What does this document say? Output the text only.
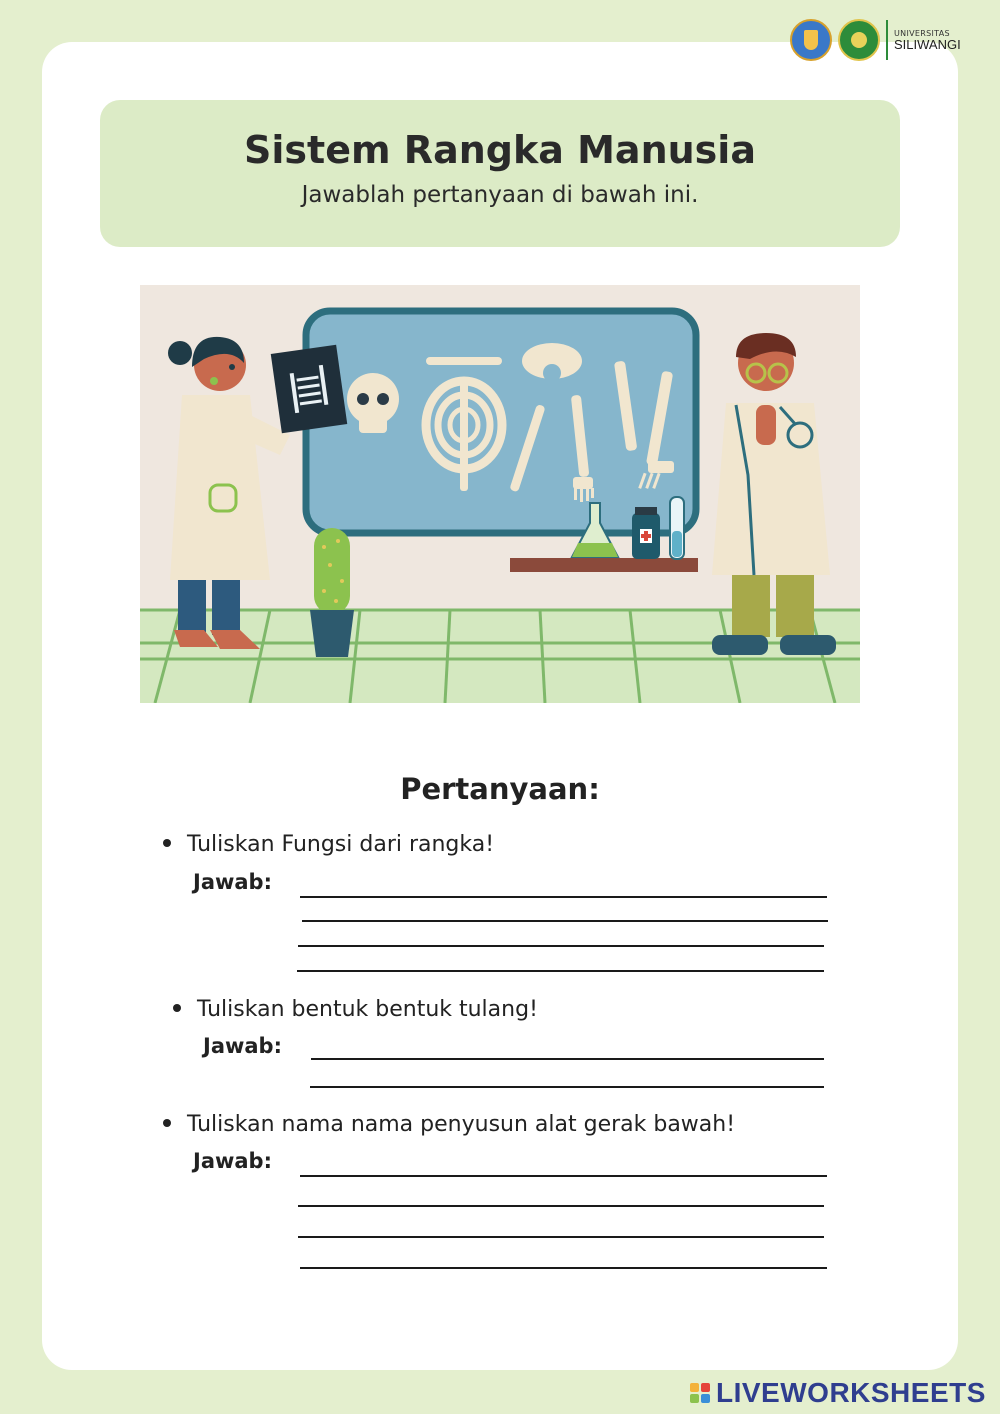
UNIVERSITAS
SILIWANGI
Sistem Rangka Manusia
Jawablah pertanyaan di bawah ini.
Pertanyaan:
Tuliskan Fungsi dari rangka!
Jawab:
Tuliskan bentuk bentuk tulang!
Jawab:
Tuliskan nama nama penyusun alat gerak bawah!
Jawab:
LIVEWORKSHEETS
